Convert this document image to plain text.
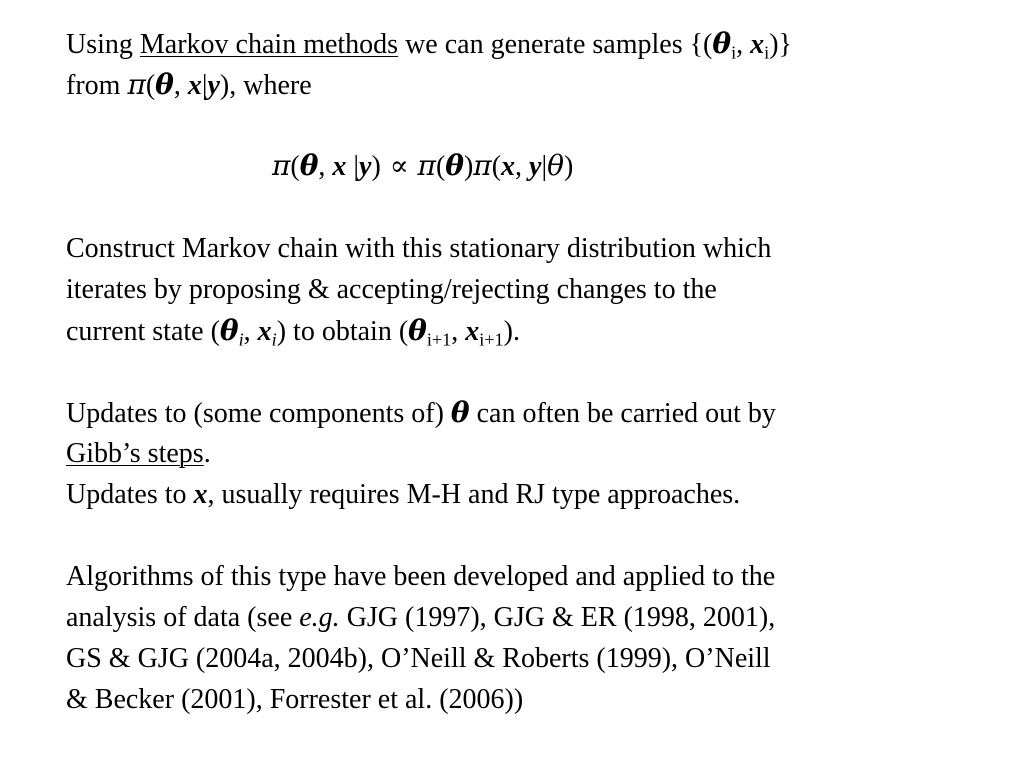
Using Markov chain methods we can generate samples {($\theta_i$, $x_i$)}
from π(θ, x|y), where
π(θ, x |y) ∝ π(θ)π(x, y|θ)
Construct Markov chain with this stationary distribution which
iterates by proposing & accepting/rejecting changes to the
current state ($\theta_i$, $x_i$) to obtain ($\theta_{i+1}$, $x_{i+1}$).
Updates to (some components of) θ can often be carried out by
Gibb’s steps.
Updates to x, usually requires M-H and RJ type approaches.
Algorithms of this type have been developed and applied to the
analysis of data (see e.g. GJG (1997), GJG & ER (1998, 2001),
GS & GJG (2004a, 2004b), O’Neill & Roberts (1999), O’Neill
& Becker (2001), Forrester et al. (2006))
